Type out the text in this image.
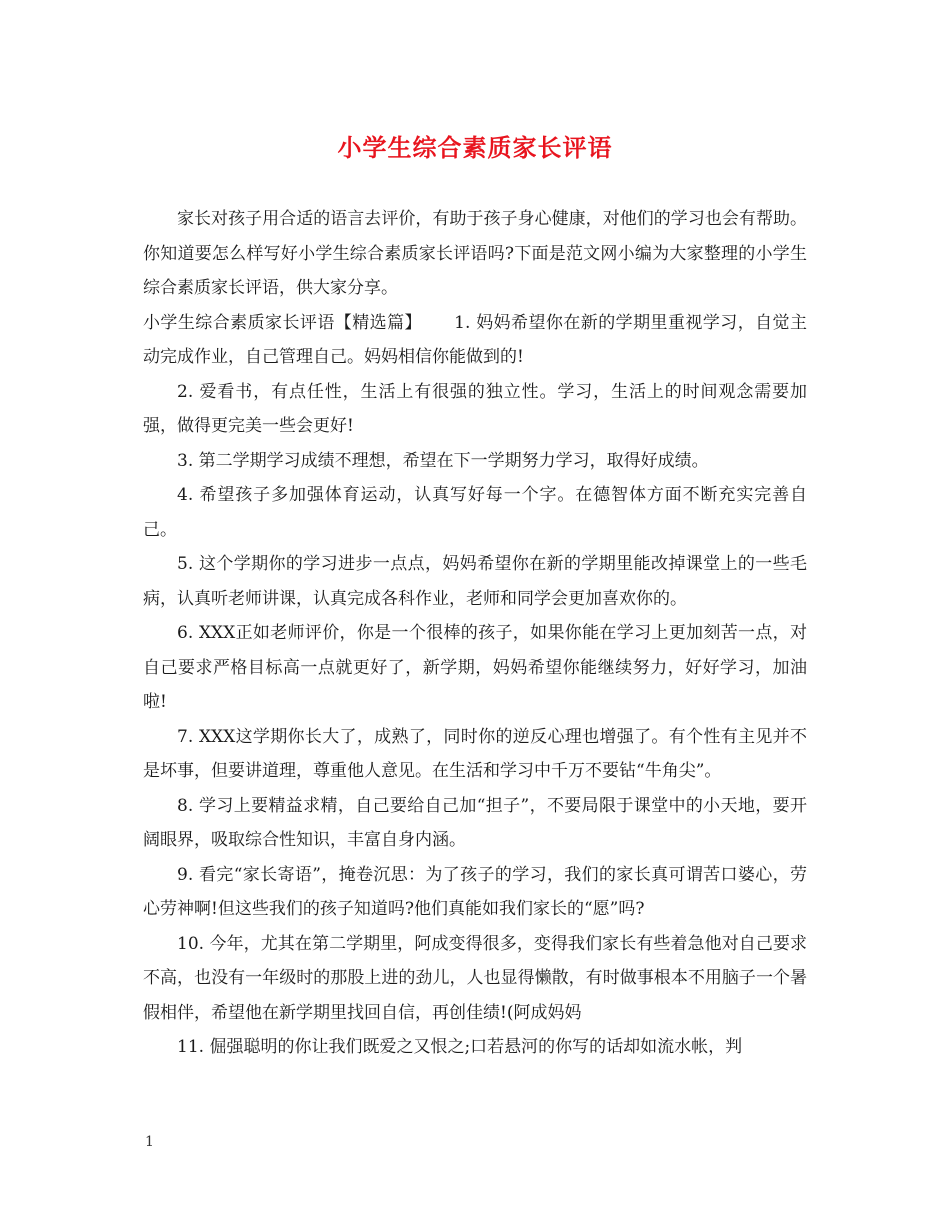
小学生综合素质家长评语

家长对孩子用合适的语言去评价，有助于孩子身心健康，对他们的学习也会有帮助。你知道要怎么样写好小学生综合素质家长评语吗?下面是范文网小编为大家整理的小学生综合素质家长评语，供大家分享。

小学生综合素质家长评语【精选篇】　　 1. 妈妈希望你在新的学期里重视学习，自觉主动完成作业，自己管理自己。妈妈相信你能做到的!

2. 爱看书，有点任性，生活上有很强的独立性。学习，生活上的时间观念需要加强，做得更完美一些会更好!

3. 第二学期学习成绩不理想，希望在下一学期努力学习，取得好成绩。

4. 希望孩子多加强体育运动，认真写好每一个字。在德智体方面不断充实完善自己。

5. 这个学期你的学习进步一点点，妈妈希望你在新的学期里能改掉课堂上的一些毛病，认真听老师讲课，认真完成各科作业，老师和同学会更加喜欢你的。

6. XXX正如老师评价，你是一个很棒的孩子，如果你能在学习上更加刻苦一点，对自己要求严格目标高一点就更好了，新学期，妈妈希望你能继续努力，好好学习，加油啦!

7. XXX这学期你长大了，成熟了，同时你的逆反心理也增强了。有个性有主见并不是坏事，但要讲道理，尊重他人意见。在生活和学习中千万不要钻“牛角尖”。

8. 学习上要精益求精，自己要给自己加“担子”，不要局限于课堂中的小天地，要开阔眼界，吸取综合性知识，丰富自身内涵。

9. 看完“家长寄语”，掩卷沉思：为了孩子的学习，我们的家长真可谓苦口婆心，劳心劳神啊!但这些我们的孩子知道吗?他们真能如我们家长的“愿”吗?

10. 今年，尤其在第二学期里，阿成变得很多，变得我们家长有些着急他对自己要求不高，也没有一年级时的那股上进的劲儿，人也显得懒散，有时做事根本不用脑子一个暑假相伴，希望他在新学期里找回自信，再创佳绩!(阿成妈妈

11. 倔强聪明的你让我们既爱之又恨之;口若悬河的你写的话却如流水帐，判

1
